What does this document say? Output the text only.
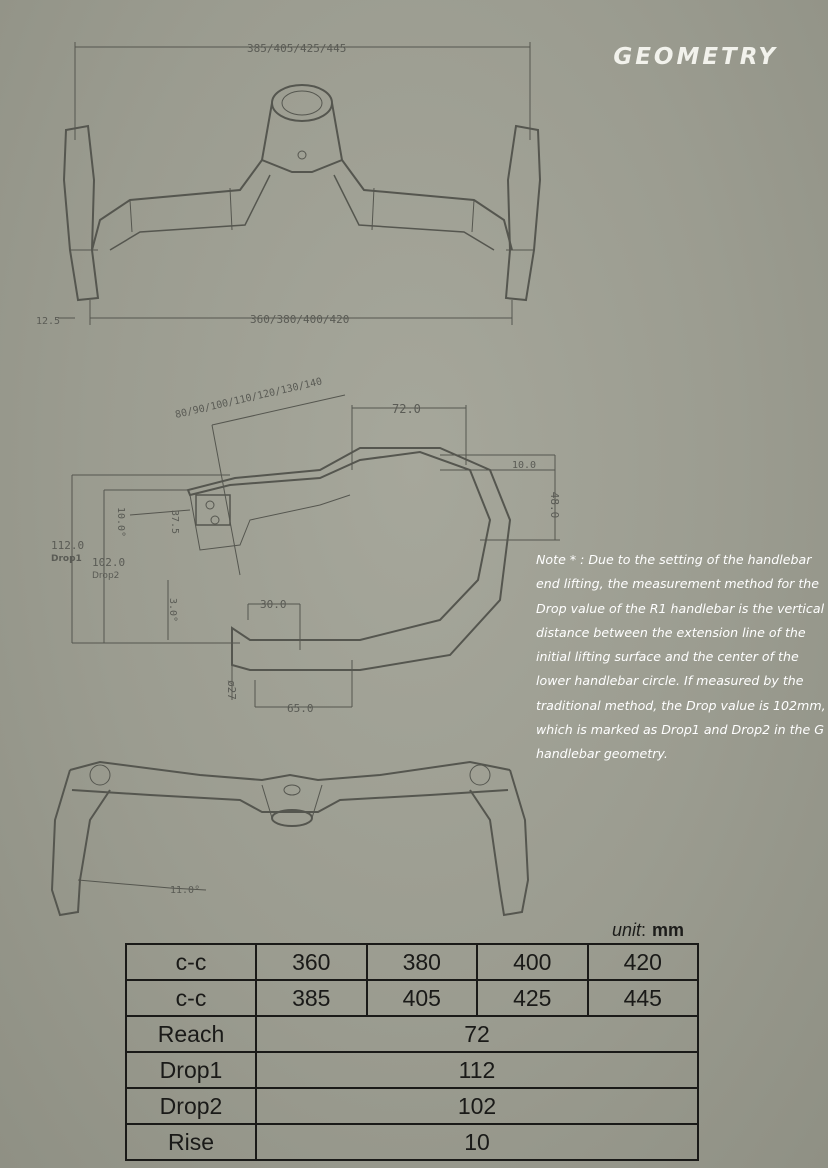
GEOMETRY
385/405/425/445
360/380/400/420
12.5
80/90/100/110/120/130/140	72.0
10.0
48.0
10.0°	37.5
112.0
Drop1 102.0
Drop2
3.0°	30.0
ø27
65.0
11.0°
Note * : Due to the setting of the handlebar end lifting, the measurement method for the Drop value of the R1 handlebar is the vertical distance between the extension line of the initial lifting surface and the center of the lower handlebar circle. If measured by the traditional method, the Drop value is 102mm, which is marked as Drop1 and Drop2 in the G handlebar geometry.
unit: mm
c-c	360	380	400	420
c-c	385	405	425	445
Reach	72			
Drop1	112			
Drop2	102			
Rise	10			
